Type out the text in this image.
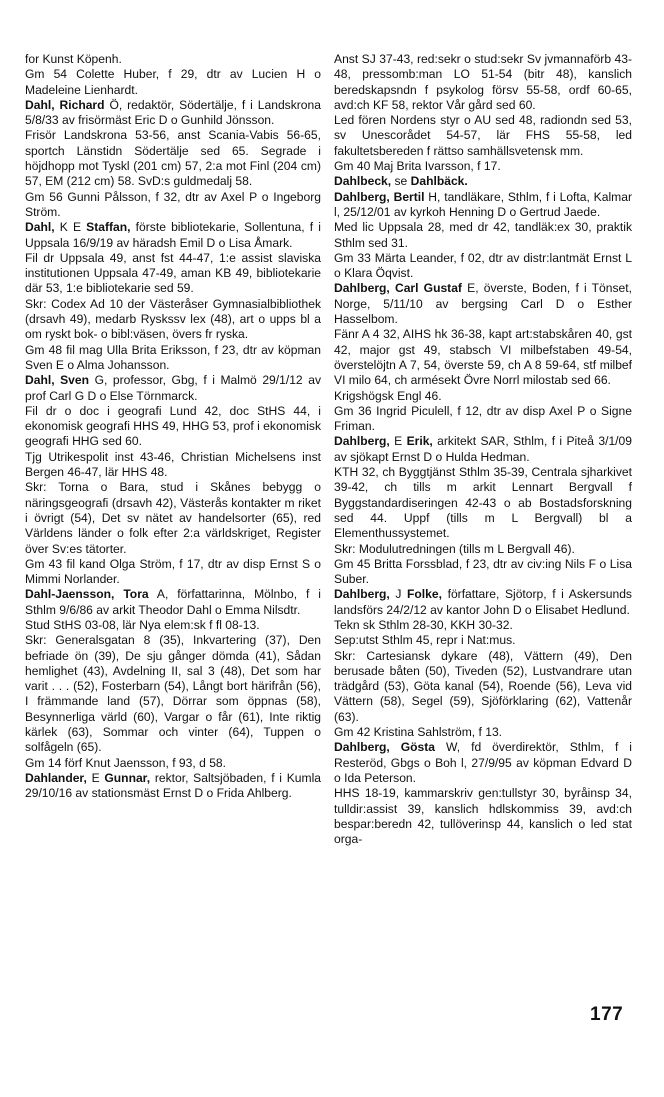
for Kunst Köpenh.

Gm 54 Colette Huber, f 29, dtr av Lucien H o Madeleine Lienhardt.

Dahl, Richard Ö, redaktör, Södertälje, f i Landskrona 5/8/33 av frisörmäst Eric D o Gunhild Jönsson.

Frisör Landskrona 53-56, anst Scania-Vabis 56-65, sportch Länstidn Södertälje sed 65. Segrade i höjdhopp mot Tyskl (201 cm) 57, 2:a mot Finl (204 cm) 57, EM (212 cm) 58. SvD:s guldmedalj 58.

Gm 56 Gunni Pålsson, f 32, dtr av Axel P o Ingeborg Ström.

Dahl, K E Staffan, förste bibliotekarie, Sollentuna, f i Uppsala 16/9/19 av häradsh Emil D o Lisa Åmark.

Fil dr Uppsala 49, anst fst 44-47, 1:e assist slaviska institutionen Uppsala 47-49, aman KB 49, bibliotekarie där 53, 1:e bibliotekarie sed 59.

Skr: Codex Ad 10 der Västeråser Gymnasialbibliothek (drsavh 49), medarb Ryskssv lex (48), art o upps bl a om ryskt bok- o bibl:väsen, övers fr ryska.

Gm 48 fil mag Ulla Brita Eriksson, f 23, dtr av köpman Sven E o Alma Johansson.

Dahl, Sven G, professor, Gbg, f i Malmö 29/1/12 av prof Carl G D o Else Törnmarck.

Fil dr o doc i geografi Lund 42, doc StHS 44, i ekonomisk geografi HHS 49, HHG 53, prof i ekonomisk geografi HHG sed 60.

Tjg Utrikespolit inst 43-46, Christian Michelsens inst Bergen 46-47, lär HHS 48.

Skr: Torna o Bara, stud i Skånes bebygg o näringsgeografi (drsavh 42), Västerås kontakter m riket i övrigt (54), Det sv nätet av handelsorter (65), red Världens länder o folk efter 2:a världskriget, Register över Sv:es tätorter.

Gm 43 fil kand Olga Ström, f 17, dtr av disp Ernst S o Mimmi Norlander.

Dahl-Jaensson, Tora A, författarinna, Mölnbo, f i Sthlm 9/6/86 av arkit Theodor Dahl o Emma Nilsdtr.

Stud StHS 03-08, lär Nya elem:sk f fl 08-13.

Skr: Generalsgatan 8 (35), Inkvartering (37), Den befriade ön (39), De sju gånger dömda (41), Sådan hemlighet (43), Avdelning II, sal 3 (48), Det som har varit . . . (52), Fosterbarn (54), Långt bort härifrån (56), I främmande land (57), Dörrar som öppnas (58), Besynnerliga värld (60), Vargar o får (61), Inte riktig kärlek (63), Sommar och vinter (64), Tuppen o solfågeln (65).

Gm 14 förf Knut Jaensson, f 93, d 58.

Dahlander, E Gunnar, rektor, Saltsjöbaden, f i Kumla 29/10/16 av stationsmäst Ernst D o Frida Ahlberg.

Anst SJ 37-43, red:sekr o stud:sekr Sv jvmannaförb 43-48, pressomb:man LO 51-54 (bitr 48), kanslich beredskapsndn f psykolog försv 55-58, ordf 60-65, avd:ch KF 58, rektor Vår gård sed 60.

Led fören Nordens styr o AU sed 48, radiondn sed 53, sv Unescorådet 54-57, lär FHS 55-58, led fakultetsbereden f rättso samhällsvetensk mm.

Gm 40 Maj Brita Ivarsson, f 17.

Dahlbeck, se Dahlbäck.

Dahlberg, Bertil H, tandläkare, Sthlm, f i Lofta, Kalmar l, 25/12/01 av kyrkoh Henning D o Gertrud Jaede.

Med lic Uppsala 28, med dr 42, tandläk:ex 30, praktik Sthlm sed 31.

Gm 33 Märta Leander, f 02, dtr av distr:lantmät Ernst L o Klara Öqvist.

Dahlberg, Carl Gustaf E, överste, Boden, f i Tönset, Norge, 5/11/10 av bergsing Carl D o Esther Hasselbom.

Fänr A 4 32, AIHS hk 36-38, kapt art:stabskåren 40, gst 42, major gst 49, stabsch VI milbefstaben 49-54, överstelöjtn A 7, 54, överste 59, ch A 8 59-64, stf milbef VI milo 64, ch armésekt Övre Norrl milostab sed 66.

Krigshögsk Engl 46.

Gm 36 Ingrid Piculell, f 12, dtr av disp Axel P o Signe Friman.

Dahlberg, E Erik, arkitekt SAR, Sthlm, f i Piteå 3/1/09 av sjökapt Ernst D o Hulda Hedman.

KTH 32, ch Byggtjänst Sthlm 35-39, Centrala sjharkivet 39-42, ch tills m arkit Lennart Bergvall f Byggstandardiseringen 42-43 o ab Bostadsforskning sed 44. Uppf (tills m L Bergvall) bl a Elementhussystemet.

Skr: Modulutredningen (tills m L Bergvall 46).

Gm 45 Britta Forssblad, f 23, dtr av civ:ing Nils F o Lisa Suber.

Dahlberg, J Folke, författare, Sjötorp, f i Askersunds landsförs 24/2/12 av kantor John D o Elisabet Hedlund.

Tekn sk Sthlm 28-30, KKH 30-32.

Sep:utst Sthlm 45, repr i Nat:mus.

Skr: Cartesiansk dykare (48), Vättern (49), Den berusade båten (50), Tiveden (52), Lustvandrare utan trädgård (53), Göta kanal (54), Roende (56), Leva vid Vättern (58), Segel (59), Sjöförklaring (62), Vattenår (63).

Gm 42 Kristina Sahlström, f 13.

Dahlberg, Gösta W, fd överdirektör, Sthlm, f i Resteröd, Gbgs o Boh l, 27/9/95 av köpman Edvard D o Ida Peterson.

HHS 18-19, kammarskriv gen:tullstyr 30, byråinsp 34, tulldir:assist 39, kanslich hdlskommiss 39, avd:ch bespar:beredn 42, tullöverinsp 44, kanslich o led stat orga-

177
